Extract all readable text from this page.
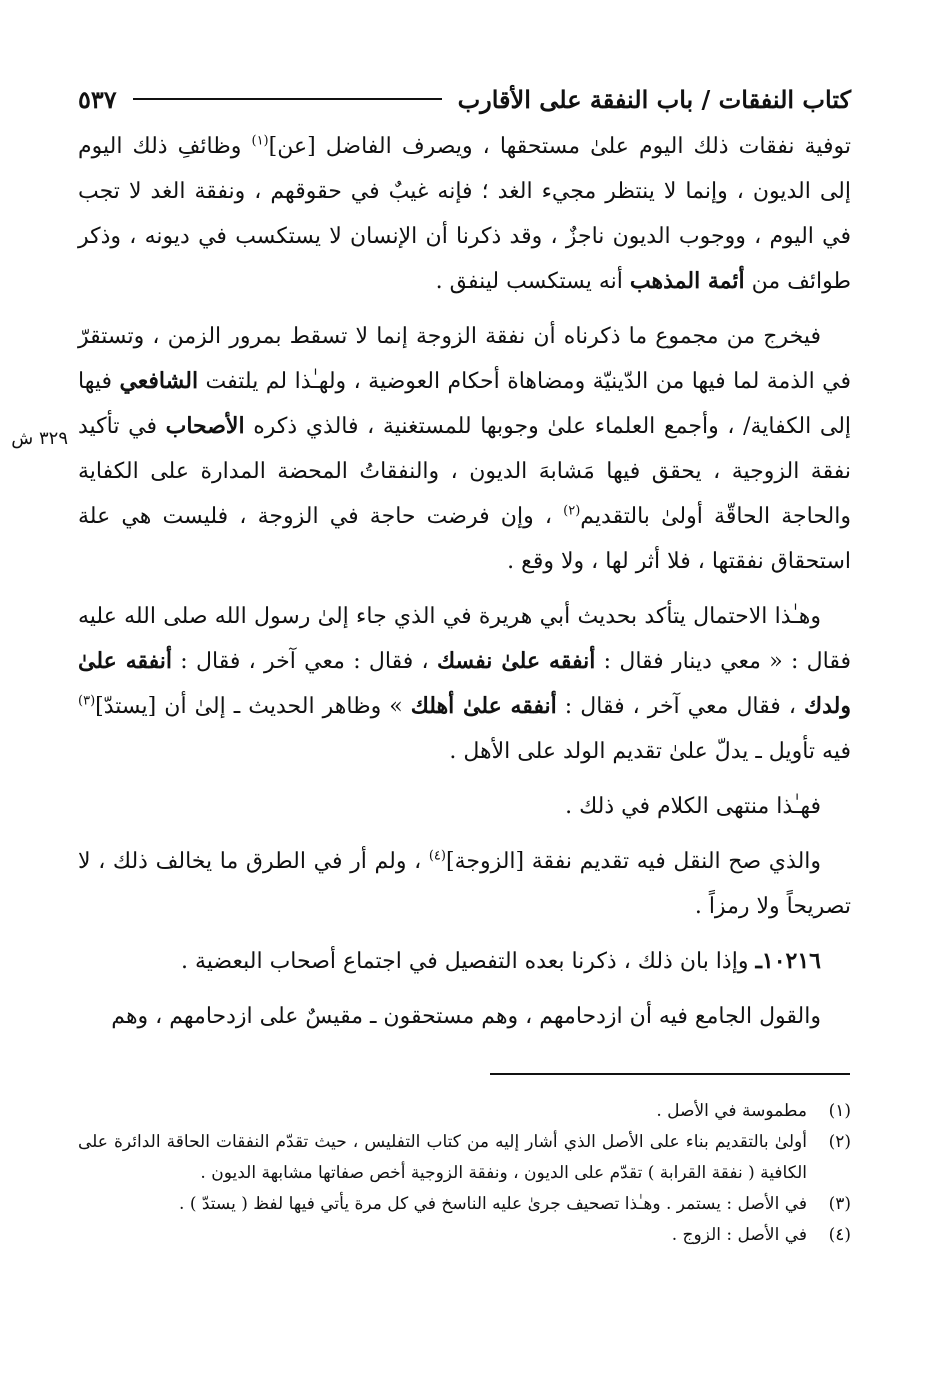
كتاب النفقات / باب النفقة على الأقارب
٥٣٧
٣٢٩ ش

توفية نفقات ذلك اليوم علىٰ مستحقها ، ويصرف الفاضل [عن]$^{(١)}$ وظائفِ ذلك اليوم إلى الديون ، وإنما لا ينتظر مجيء الغد ؛ فإنه غيبٌ في حقوقهم ، ونفقة الغد لا تجب في اليوم ، ووجوب الديون ناجزٌ ، وقد ذكرنا أن الإنسان لا يستكسب في ديونه ، وذكر طوائف من أئمة المذهب أنه يستكسب لينفق .

فيخرج من مجموع ما ذكرناه أن نفقة الزوجة إنما لا تسقط بمرور الزمن ، وتستقرّ في الذمة لما فيها من الدّينيّة ومضاهاة أحكام العوضية ، ولهـٰذا لم يلتفت الشافعي فيها إلى الكفاية/ ، وأجمع العلماء علىٰ وجوبها للمستغنية ، فالذي ذكره الأصحاب في تأكيد نفقة الزوجية ، يحقق فيها مَشابهَ الديون ، والنفقاتُ المحضة المدارة على الكفاية والحاجة الحاقّة أولىٰ بالتقديم$^{(٢)}$ ، وإن فرضت حاجة في الزوجة ، فليست هي علة استحقاق نفقتها ، فلا أثر لها ، ولا وقع .

وهـٰذا الاحتمال يتأكد بحديث أبي هريرة في الذي جاء إلىٰ رسول الله صلى الله عليه فقال : « معي دينار فقال : أنفقه علىٰ نفسك ، فقال : معي آخر ، فقال : أنفقه علىٰ ولدك ، فقال معي آخر ، فقال : أنفقه علىٰ أهلك » وظاهر الحديث ـ إلىٰ أن [يستدّ]$^{(٣)}$ فيه تأويل ـ يدلّ علىٰ تقديم الولد على الأهل .

فهـٰذا منتهى الكلام في ذلك .

والذي صح النقل فيه تقديم نفقة [الزوجة]$^{(٤)}$ ، ولم أر في الطرق ما يخالف ذلك ، لا تصريحاً ولا رمزاً .

١٠٢١٦ـ وإذا بان ذلك ، ذكرنا بعده التفصيل في اجتماع أصحاب البعضية .

والقول الجامع فيه أن ازدحامهم ، وهم مستحقون ـ مقيسٌ على ازدحامهم ، وهم

(١)
مطموسة في الأصل .
(٢)
أولىٰ بالتقديم بناء على الأصل الذي أشار إليه من كتاب التفليس ، حيث تقدّم النفقات الحاقة الدائرة على الكافية ( نفقة القرابة ) تقدّم على الديون ، ونفقة الزوجية أخص صفاتها مشابهة الديون .
(٣)
في الأصل : يستمر . وهـٰذا تصحيف جرىٰ عليه الناسخ في كل مرة يأتي فيها لفظ ( يستدّ ) .
(٤)
في الأصل : الزوج .
